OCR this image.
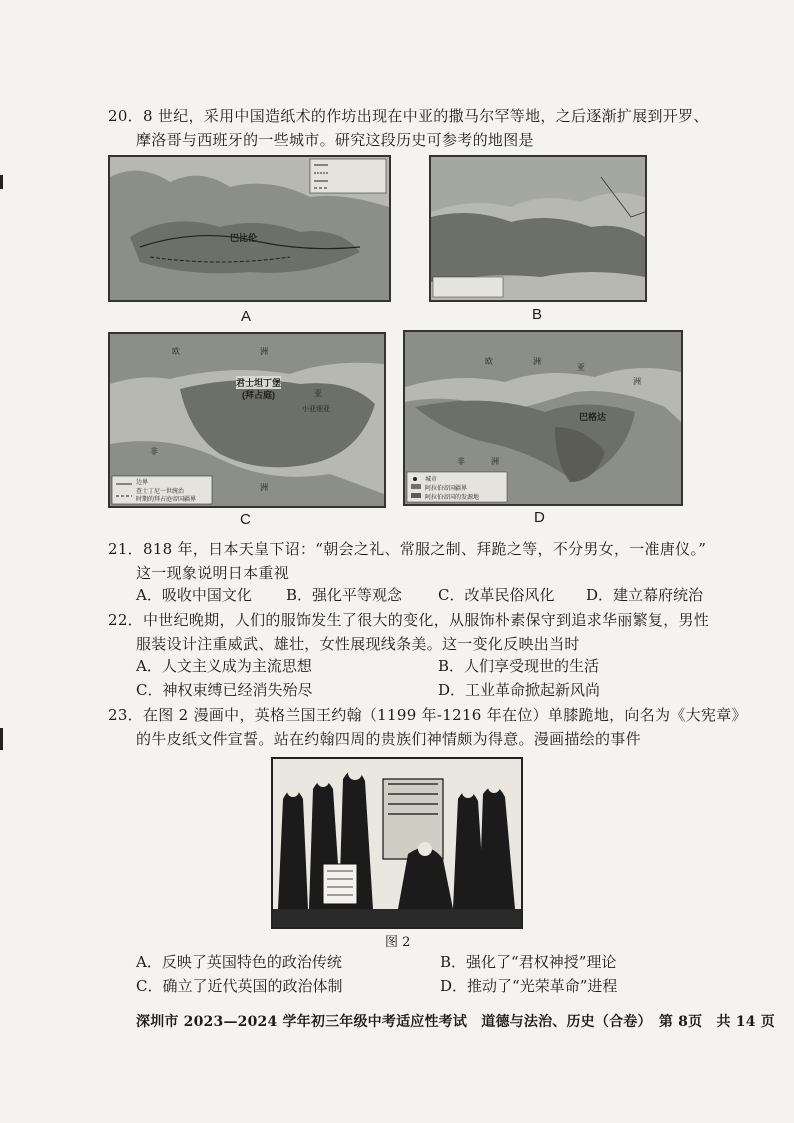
20．8 世纪，采用中国造纸术的作坊出现在中亚的撒马尔罕等地，之后逐渐扩展到开罗、
摩洛哥与西班牙的一些城市。研究这段历史可参考的地图是
巴比伦
A	B
君士坦丁堡
(拜占庭)	亚
小亚细亚
欧	洲
非
洲
边界
查士丁尼一世统治
时期的拜占庭帝国疆界
C
巴格达
欧	洲
亚
洲
非	洲
城市
阿拉伯帝国疆界
阿拉伯帝国的发源地
D
21．818 年，日本天皇下诏：“朝会之礼、常服之制、拜跪之等，不分男女，一准唐仪。”
这一现象说明日本重视
A．吸收中国文化 B．强化平等观念 C．改革民俗风化 D．建立幕府统治
22．中世纪晚期，人们的服饰发生了很大的变化，从服饰朴素保守到追求华丽繁复，男性
服装设计注重威武、雄壮，女性展现线条美。这一变化反映出当时
A．人文主义成为主流思想	B．人们享受现世的生活
C．神权束缚已经消失殆尽	D．工业革命掀起新风尚
23．在图 2 漫画中，英格兰国王约翰（1199 年-1216 年在位）单膝跪地，向名为《大宪章》
的牛皮纸文件宣誓。站在约翰四周的贵族们神情颇为得意。漫画描绘的事件
图 2
A．反映了英国特色的政治传统	B．强化了“君权神授”理论
C．确立了近代英国的政治体制	D．推动了“光荣革命”进程
深圳市 2023—2024 学年初三年级中考适应性考试　道德与法治、历史（合卷）　第 8页　共 14 页
